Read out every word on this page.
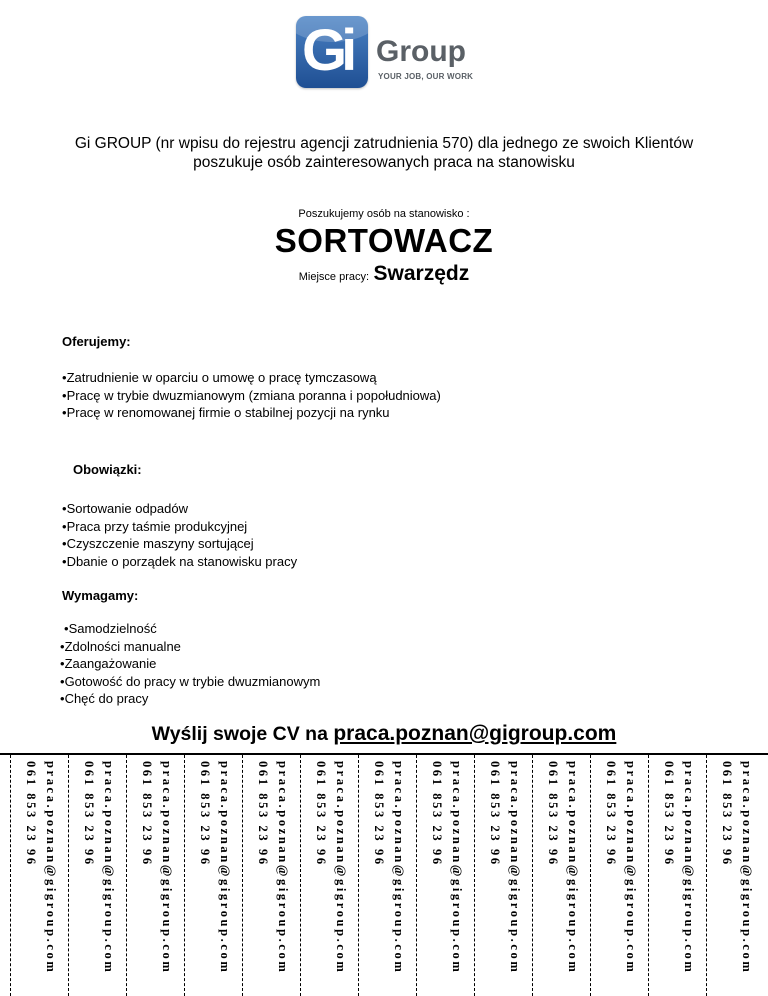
Gi Group
YOUR JOB, OUR WORK
Gi GROUP (nr wpisu do rejestru agencji zatrudnienia 570) dla jednego ze swoich Klientów
poszukuje osób zainteresowanych praca na stanowisku
Poszukujemy osób na stanowisko :
SORTOWACZ
Miejsce pracy: Swarzędz
Oferujemy:
• Zatrudnienie w oparciu o umowę o pracę tymczasową
• Pracę w trybie dwuzmianowym (zmiana poranna i popołudniowa)
• Pracę w renomowanej firmie o stabilnej pozycji na rynku
Obowiązki:
• Sortowanie odpadów
• Praca przy taśmie produkcyjnej
• Czyszczenie maszyny sortującej
• Dbanie o porządek na stanowisku pracy
Wymagamy:
• Samodzielność
• Zdolności manualne
• Zaangażowanie
• Gotowość do pracy w trybie dwuzmianowym
• Chęć do pracy
Wyślij swoje CV na praca.poznan@gigroup.com
praca.poznan@gigroup.com
061 853 23 96	praca.poznan@gigroup.com
061 853 23 96	praca.poznan@gigroup.com
061 853 23 96	praca.poznan@gigroup.com
061 853 23 96	praca.poznan@gigroup.com
061 853 23 96	praca.poznan@gigroup.com
061 853 23 96	praca.poznan@gigroup.com
061 853 23 96	praca.poznan@gigroup.com
061 853 23 96	praca.poznan@gigroup.com
061 853 23 96	praca.poznan@gigroup.com
061 853 23 96	praca.poznan@gigroup.com
061 853 23 96	praca.poznan@gigroup.com
061 853 23 96	praca.poznan@gigroup.com
061 853 23 96
